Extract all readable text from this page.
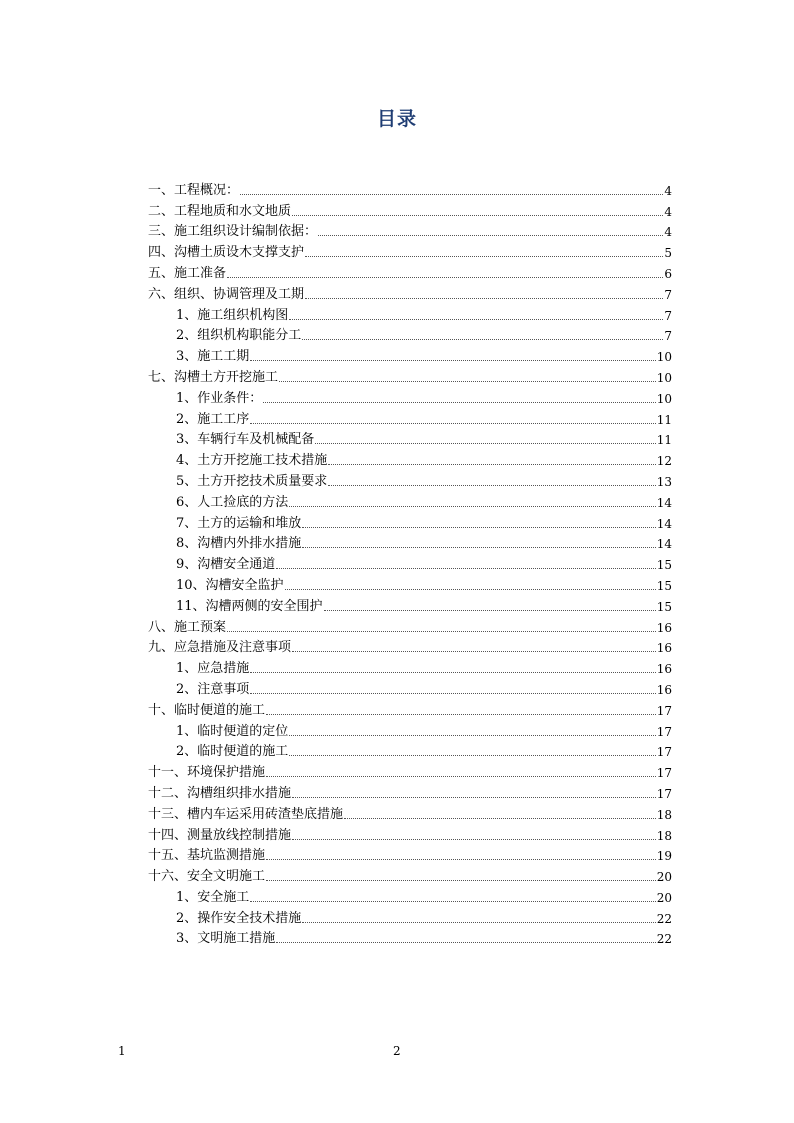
目录
一、工程概况：	4
二、工程地质和水文地质	4
三、施工组织设计编制依据：	4
四、沟槽土质设木支撑支护	5
五、施工准备	6
六、组织、协调管理及工期	7
1、施工组织机构图	7
2、组织机构职能分工	7
3、施工工期	10
七、沟槽土方开挖施工	10
1、作业条件：	10
2、施工工序	11
3、车辆行车及机械配备	11
4、土方开挖施工技术措施	12
5、土方开挖技术质量要求	13
6、人工捡底的方法	14
7、土方的运输和堆放	14
8、沟槽内外排水措施	14
9、沟槽安全通道	15
10、沟槽安全监护	15
11、沟槽两侧的安全围护	15
八、施工预案	16
九、应急措施及注意事项	16
1、应急措施	16
2、注意事项	16
十、临时便道的施工	17
1、临时便道的定位	17
2、临时便道的施工	17
十一、环境保护措施	17
十二、沟槽组织排水措施	17
十三、槽内车运采用砖渣垫底措施	18
十四、测量放线控制措施	18
十五、基坑监测措施	19
十六、安全文明施工	20
1、安全施工	20
2、操作安全技术措施	22
3、文明施工措施	22
1	2
